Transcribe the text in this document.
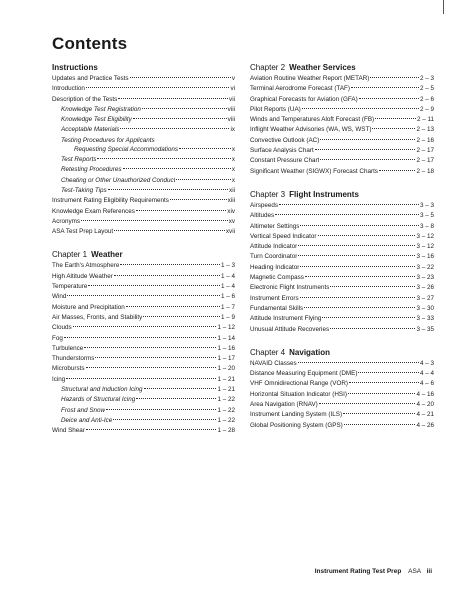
Contents
Instructions
Updates and Practice Tests	v
Introduction	vi
Description of the Tests	vii
Knowledge Test Registration	viii
Knowledge Test Eligibility	viii
Acceptable Materials	ix
Testing Procedures for Applicants
Requesting Special Accommodations	x
Test Reports	x
Retesting Procedures	x
Cheating or Other Unauthorized Conduct	x
Test-Taking Tips	xii
Instrument Rating Eligibility Requirements	xiii
Knowledge Exam References	xiv
Acronyms	xv
ASA Test Prep Layout	xvii
Chapter 1  Weather
The Earth's Atmosphere	1 – 3
High Altitude Weather	1 – 4
Temperature	1 – 4
Wind	1 – 6
Moisture and Precipitation	1 – 7
Air Masses, Fronts, and Stability	1 – 9
Clouds	1 – 12
Fog	1 – 14
Turbulence	1 – 16
Thunderstorms	1 – 17
Microbursts	1 – 20
Icing	1 – 21
Structural and Induction Icing	1 – 21
Hazards of Structural Icing	1 – 22
Frost and Snow	1 – 22
Deice and Anti-Ice	1 – 22
Wind Shear	1 – 28
Chapter 2  Weather Services
Aviation Routine Weather Report (METAR)	2 – 3
Terminal Aerodrome Forecast (TAF)	2 – 5
Graphical Forecasts for Aviation (GFA)	2 – 6
Pilot Reports (UA)	2 – 9
Winds and Temperatures Aloft Forecast (FB)	2 – 11
Inflight Weather Advisories (WA, WS, WST)	2 – 13
Convective Outlook (AC)	2 – 16
Surface Analysis Chart	2 – 17
Constant Pressure Chart	2 – 17
Significant Weather (SIGWX) Forecast Charts	2 – 18
Chapter 3  Flight Instruments
Airspeeds	3 – 3
Altitudes	3 – 5
Altimeter Settings	3 – 8
Vertical Speed Indicator	3 – 12
Attitude Indicator	3 – 12
Turn Coordinator	3 – 16
Heading Indicator	3 – 22
Magnetic Compass	3 – 23
Electronic Flight Instruments	3 – 26
Instrument Errors	3 – 27
Fundamental Skills	3 – 30
Attitude Instrument Flying	3 – 33
Unusual Attitude Recoveries	3 – 35
Chapter 4  Navigation
NAVAID Classes	4 – 3
Distance Measuring Equipment (DME)	4 – 4
VHF Omnidirectional Range (VOR)	4 – 6
Horizontal Situation Indicator (HSI)	4 – 16
Area Navigation (RNAV)	4 – 20
Instrument Landing System (ILS)	4 – 21
Global Positioning System (GPS)	4 – 26
Instrument Rating Test Prep ASA iii
